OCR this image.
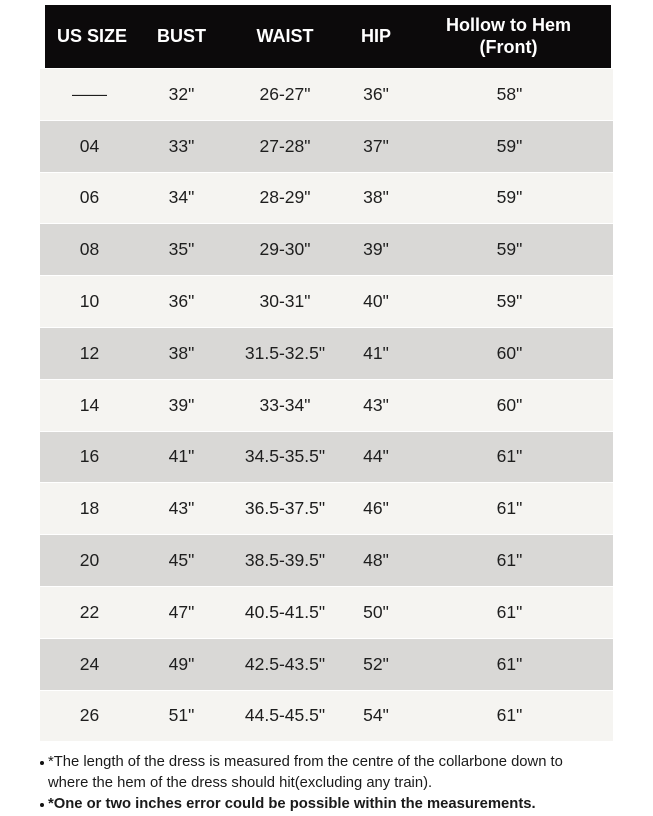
US SIZE	BUST	WAIST	HIP
Hollow to Hem
(Front)
——	32"	26-27"	36"	58"
04	33"	27-28"	37"	59"
06	34"	28-29"	38"	59"
08	35"	29-30"	39"	59"
10	36"	30-31"	40"	59"
12	38"	31.5-32.5"	41"	60"
14	39"	33-34"	43"	60"
16	41"	34.5-35.5"	44"	61"
18	43"	36.5-37.5"	46"	61"
20	45"	38.5-39.5"	48"	61"
22	47"	40.5-41.5"	50"	61"
24	49"	42.5-43.5"	52"	61"
26	51"	44.5-45.5"	54"	61"
*The length of the dress is measured from the centre of the collarbone down to
where the hem of the dress should hit(excluding any train).
*One or two inches error could be possible within the measurements.
